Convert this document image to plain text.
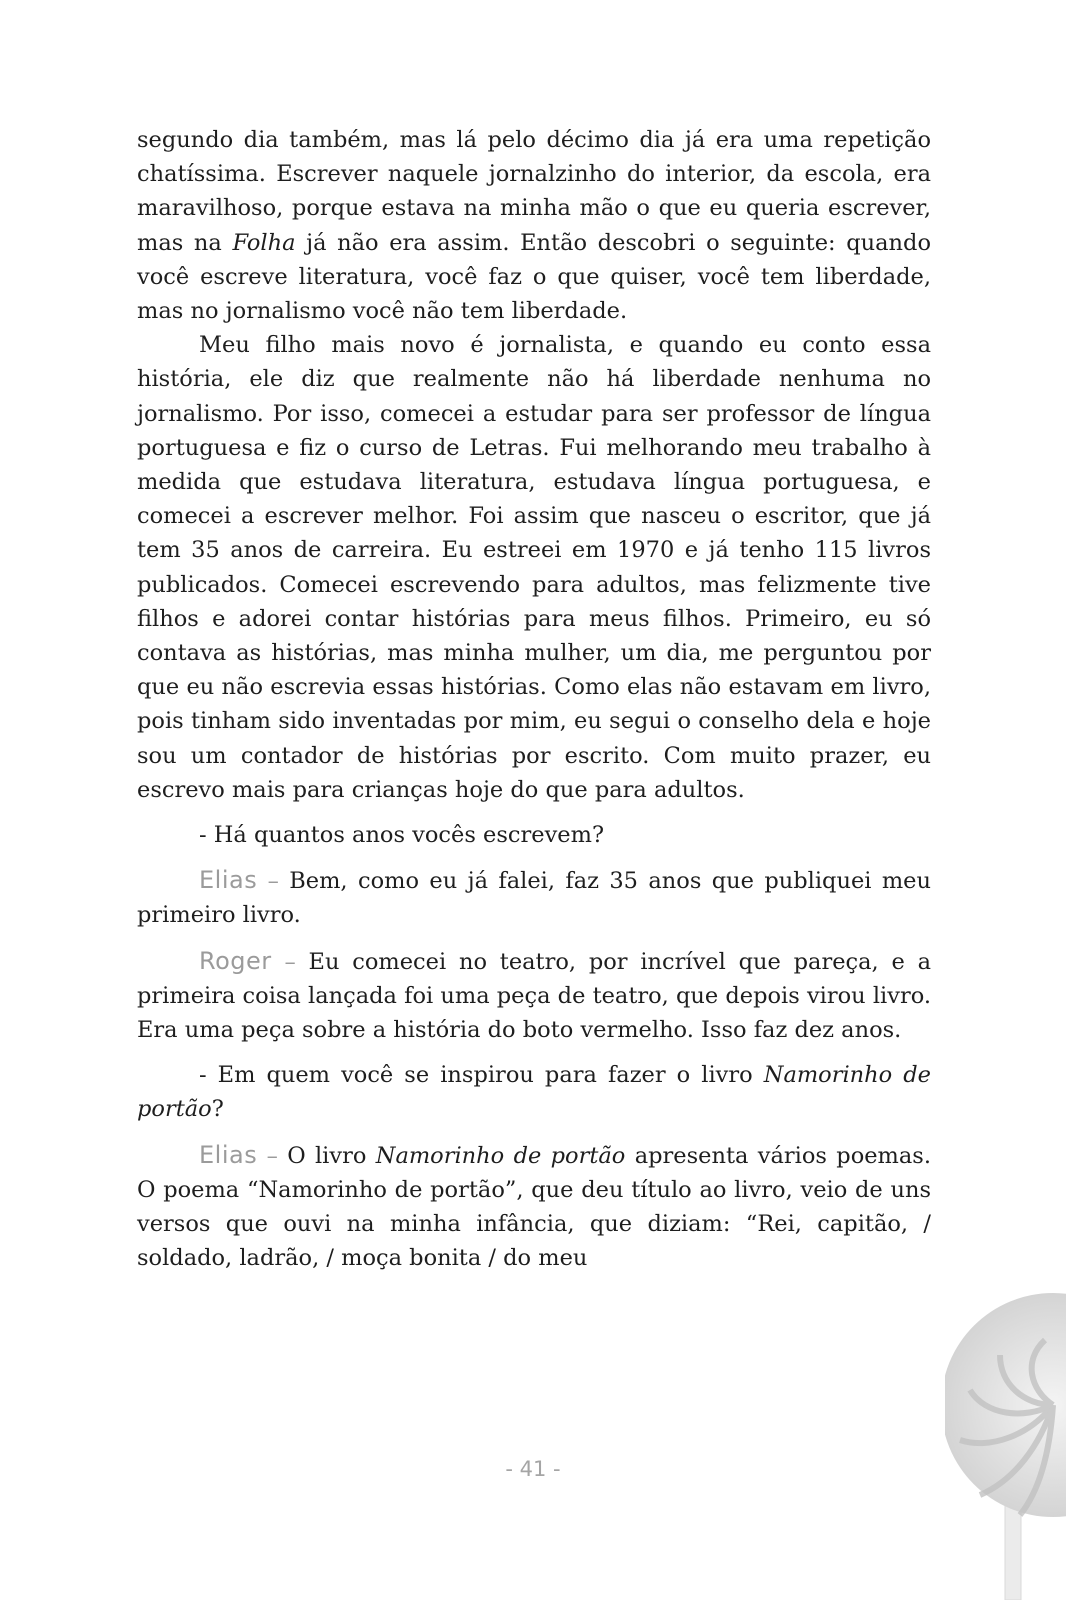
segundo dia também, mas lá pelo décimo dia já era uma repetição chatíssima. Escrever naquele jornalzinho do interior, da escola, era maravilhoso, porque estava na minha mão o que eu queria escrever, mas na Folha já não era assim. Então descobri o seguinte: quando você escreve literatura, você faz o que quiser, você tem liberdade, mas no jornalismo você não tem liberdade.

Meu filho mais novo é jornalista, e quando eu conto essa história, ele diz que realmente não há liberdade nenhuma no jornalismo. Por isso, comecei a estudar para ser professor de língua portuguesa e fiz o curso de Letras. Fui melhorando meu trabalho à medida que estudava literatura, estudava língua portuguesa, e comecei a escrever melhor. Foi assim que nasceu o escritor, que já tem 35 anos de carreira. Eu estreei em 1970 e já tenho 115 livros publicados. Comecei escrevendo para adultos, mas felizmente tive filhos e adorei contar histórias para meus filhos. Primeiro, eu só contava as histórias, mas minha mulher, um dia, me perguntou por que eu não escrevia essas histórias. Como elas não estavam em livro, pois tinham sido inventadas por mim, eu segui o conselho dela e hoje sou um contador de histórias por escrito. Com muito prazer, eu escrevo mais para crianças hoje do que para adultos.

- Há quantos anos vocês escrevem?

Elias – Bem, como eu já falei, faz 35 anos que publiquei meu primeiro livro.

Roger – Eu comecei no teatro, por incrível que pareça, e a primeira coisa lançada foi uma peça de teatro, que depois virou livro. Era uma peça sobre a história do boto vermelho. Isso faz dez anos.

- Em quem você se inspirou para fazer o livro Namorinho de portão?

Elias – O livro Namorinho de portão apresenta vários poemas. O poema “Namorinho de portão”, que deu título ao livro, veio de uns versos que ouvi na minha infância, que diziam: “Rei, capitão, / soldado, ladrão, / moça bonita / do meu

- 41 -
